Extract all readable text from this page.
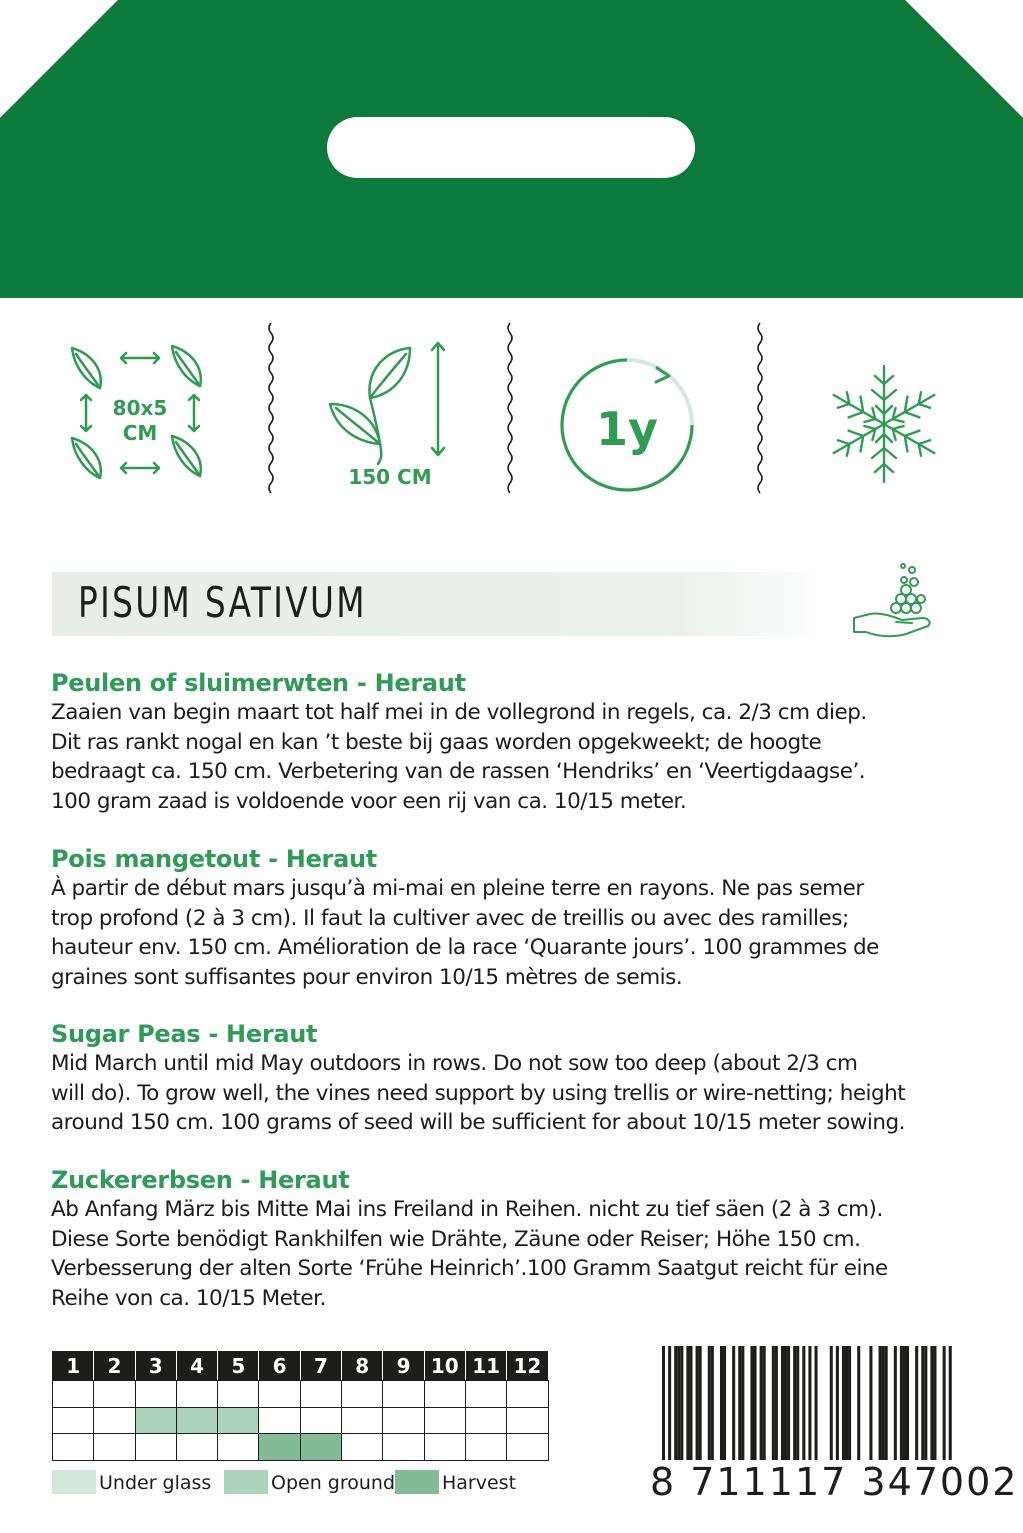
80x5
CM
150 CM
1y
PISUM SATIVUM
Peulen of sluimerwten - Heraut

Zaaien van begin maart tot half mei in de vollegrond in regels, ca. 2/3 cm diep.

Dit ras rankt nogal en kan ’t beste bij gaas worden opgekweekt; de hoogte

bedraagt ca. 150 cm. Verbetering van de rassen ‘Hendriks’ en ‘Veertigdaagse’.

100 gram zaad is voldoende voor een rij van ca. 10/15 meter.

Pois mangetout - Heraut

À partir de début mars jusqu’à mi-mai en pleine terre en rayons. Ne pas semer

trop profond (2 à 3 cm). Il faut la cultiver avec de treillis ou avec des ramilles;

hauteur env. 150 cm. Amélioration de la race ‘Quarante jours’. 100 grammes de

graines sont suffisantes pour environ 10/15 mètres de semis.

Sugar Peas - Heraut

Mid March until mid May outdoors in rows. Do not sow too deep (about 2/3 cm

will do). To grow well, the vines need support by using trellis or wire-netting; height

around 150 cm. 100 grams of seed will be sufficient for about 10/15 meter sowing.

Zuckererbsen - Heraut

Ab Anfang März bis Mitte Mai ins Freiland in Reihen. nicht zu tief säen (2 à 3 cm).

Diese Sorte benödigt Rankhilfen wie Drähte, Zäune oder Reiser; Höhe 150 cm.

Verbesserung der alten Sorte ‘Frühe Heinrich’.100 Gramm Saatgut reicht für eine

Reihe von ca. 10/15 Meter.

1	2	3	4	5	6	7	8	9	10	11	12

Under glass	Open ground Harvest	8 711117 347002
